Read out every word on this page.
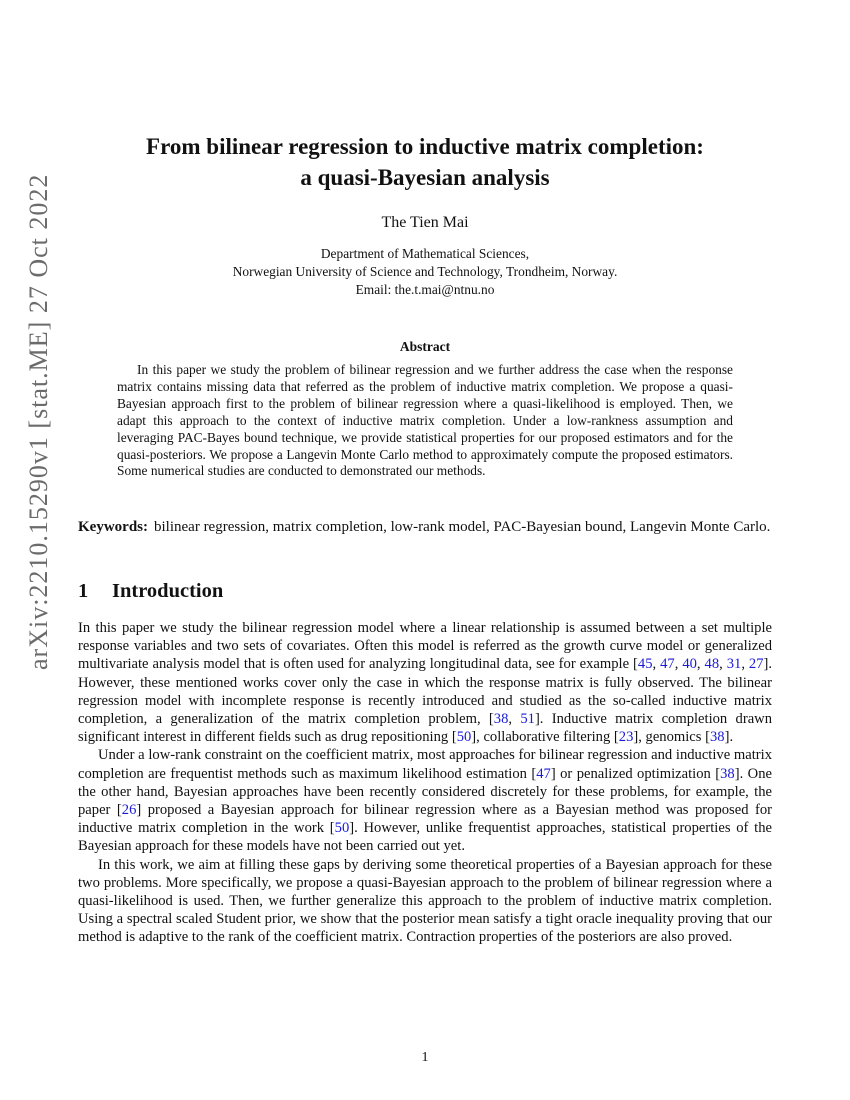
arXiv:2210.15290v1 [stat.ME] 27 Oct 2022
From bilinear regression to inductive matrix completion:
a quasi-Bayesian analysis
The Tien Mai
Department of Mathematical Sciences,
Norwegian University of Science and Technology, Trondheim, Norway.
Email: the.t.mai@ntnu.no
Abstract
In this paper we study the problem of bilinear regression and we further address the case when the response matrix contains missing data that referred as the problem of inductive matrix completion. We propose a quasi-Bayesian approach first to the problem of bilinear regression where a quasi-likelihood is employed. Then, we adapt this approach to the context of inductive matrix completion. Under a low-rankness assumption and leveraging PAC-Bayes bound technique, we provide statistical properties for our proposed estimators and for the quasi-posteriors. We propose a Langevin Monte Carlo method to approximately compute the proposed estimators. Some numerical studies are conducted to demonstrated our methods.
Keywords: bilinear regression, matrix completion, low-rank model, PAC-Bayesian bound, Langevin Monte Carlo.
1 Introduction

In this paper we study the bilinear regression model where a linear relationship is assumed between a set multiple response variables and two sets of covariates. Often this model is referred as the growth curve model or generalized multivariate analysis model that is often used for analyzing longitudinal data, see for example [45, 47, 40, 48, 31, 27]. However, these mentioned works cover only the case in which the response matrix is fully observed. The bilinear regression model with incomplete response is recently introduced and studied as the so-called inductive matrix completion, a generalization of the matrix completion problem, [38, 51]. Inductive matrix completion drawn significant interest in different fields such as drug repositioning [50], collaborative filtering [23], genomics [38].

Under a low-rank constraint on the coefficient matrix, most approaches for bilinear regression and inductive matrix completion are frequentist methods such as maximum likelihood estimation [47] or penalized optimization [38]. One the other hand, Bayesian approaches have been recently considered discretely for these problems, for example, the paper [26] proposed a Bayesian approach for bilinear regression where as a Bayesian method was proposed for inductive matrix completion in the work [50]. However, unlike frequentist approaches, statistical properties of the Bayesian approach for these models have not been carried out yet.

In this work, we aim at filling these gaps by deriving some theoretical properties of a Bayesian approach for these two problems. More specifically, we propose a quasi-Bayesian approach to the problem of bilinear regression where a quasi-likelihood is used. Then, we further generalize this approach to the problem of inductive matrix completion. Using a spectral scaled Student prior, we show that the posterior mean satisfy a tight oracle inequality proving that our method is adaptive to the rank of the coefficient matrix. Contraction properties of the posteriors are also proved.

1
